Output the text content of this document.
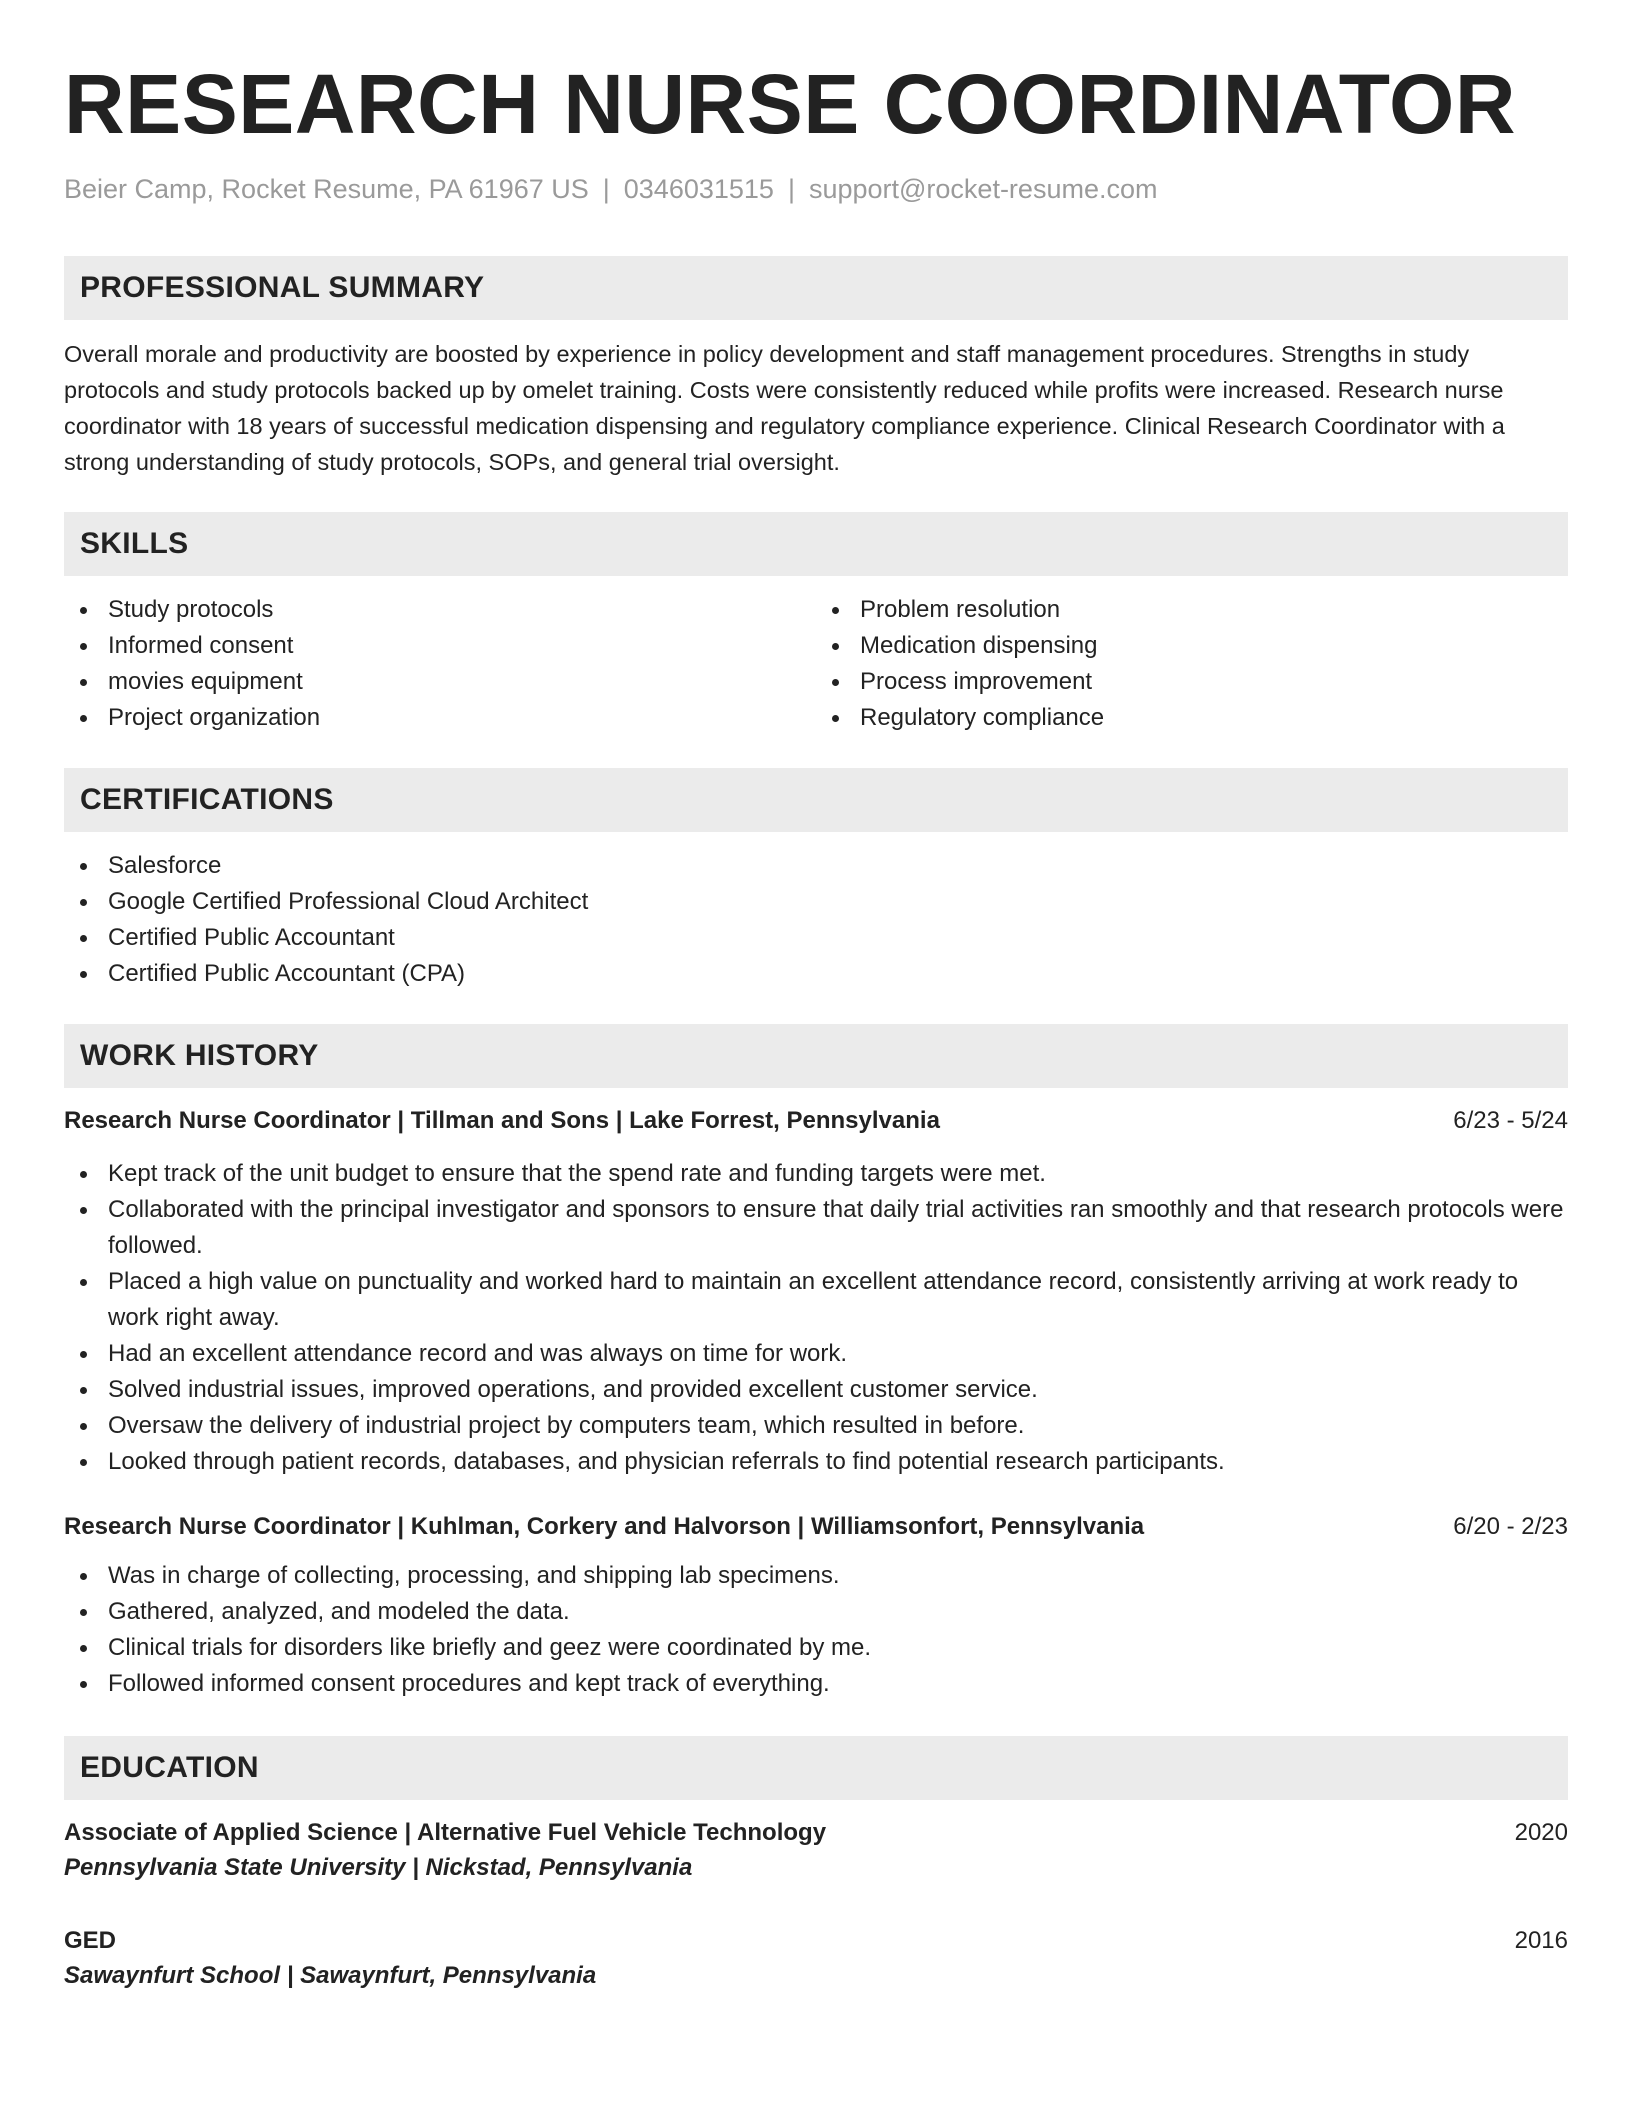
RESEARCH NURSE COORDINATOR
Beier Camp, Rocket Resume, PA 61967 US | 0346031515 | support@rocket-resume.com
PROFESSIONAL SUMMARY

Overall morale and productivity are boosted by experience in policy development and staff management procedures. Strengths in study protocols and study protocols backed up by omelet training. Costs were consistently reduced while profits were increased. Research nurse coordinator with 18 years of successful medication dispensing and regulatory compliance experience. Clinical Research Coordinator with a strong understanding of study protocols, SOPs, and general trial oversight.

SKILLS
Study protocols
Informed consent
movies equipment
Project organization
Problem resolution
Medication dispensing
Process improvement
Regulatory compliance
CERTIFICATIONS
Salesforce
Google Certified Professional Cloud Architect
Certified Public Accountant
Certified Public Accountant (CPA)
WORK HISTORY
Research Nurse Coordinator | Tillman and Sons | Lake Forrest, Pennsylvania	6/23 - 5/24
Kept track of the unit budget to ensure that the spend rate and funding targets were met.
Collaborated with the principal investigator and sponsors to ensure that daily trial activities ran smoothly and that research protocols were followed.
Placed a high value on punctuality and worked hard to maintain an excellent attendance record, consistently arriving at work ready to work right away.
Had an excellent attendance record and was always on time for work.
Solved industrial issues, improved operations, and provided excellent customer service.
Oversaw the delivery of industrial project by computers team, which resulted in before.
Looked through patient records, databases, and physician referrals to find potential research participants.
Research Nurse Coordinator | Kuhlman, Corkery and Halvorson | Williamsonfort, Pennsylvania	6/20 - 2/23
Was in charge of collecting, processing, and shipping lab specimens.
Gathered, analyzed, and modeled the data.
Clinical trials for disorders like briefly and geez were coordinated by me.
Followed informed consent procedures and kept track of everything.
EDUCATION
Associate of Applied Science | Alternative Fuel Vehicle Technology	2020
Pennsylvania State University | Nickstad, Pennsylvania
GED	2016
Sawaynfurt School | Sawaynfurt, Pennsylvania
